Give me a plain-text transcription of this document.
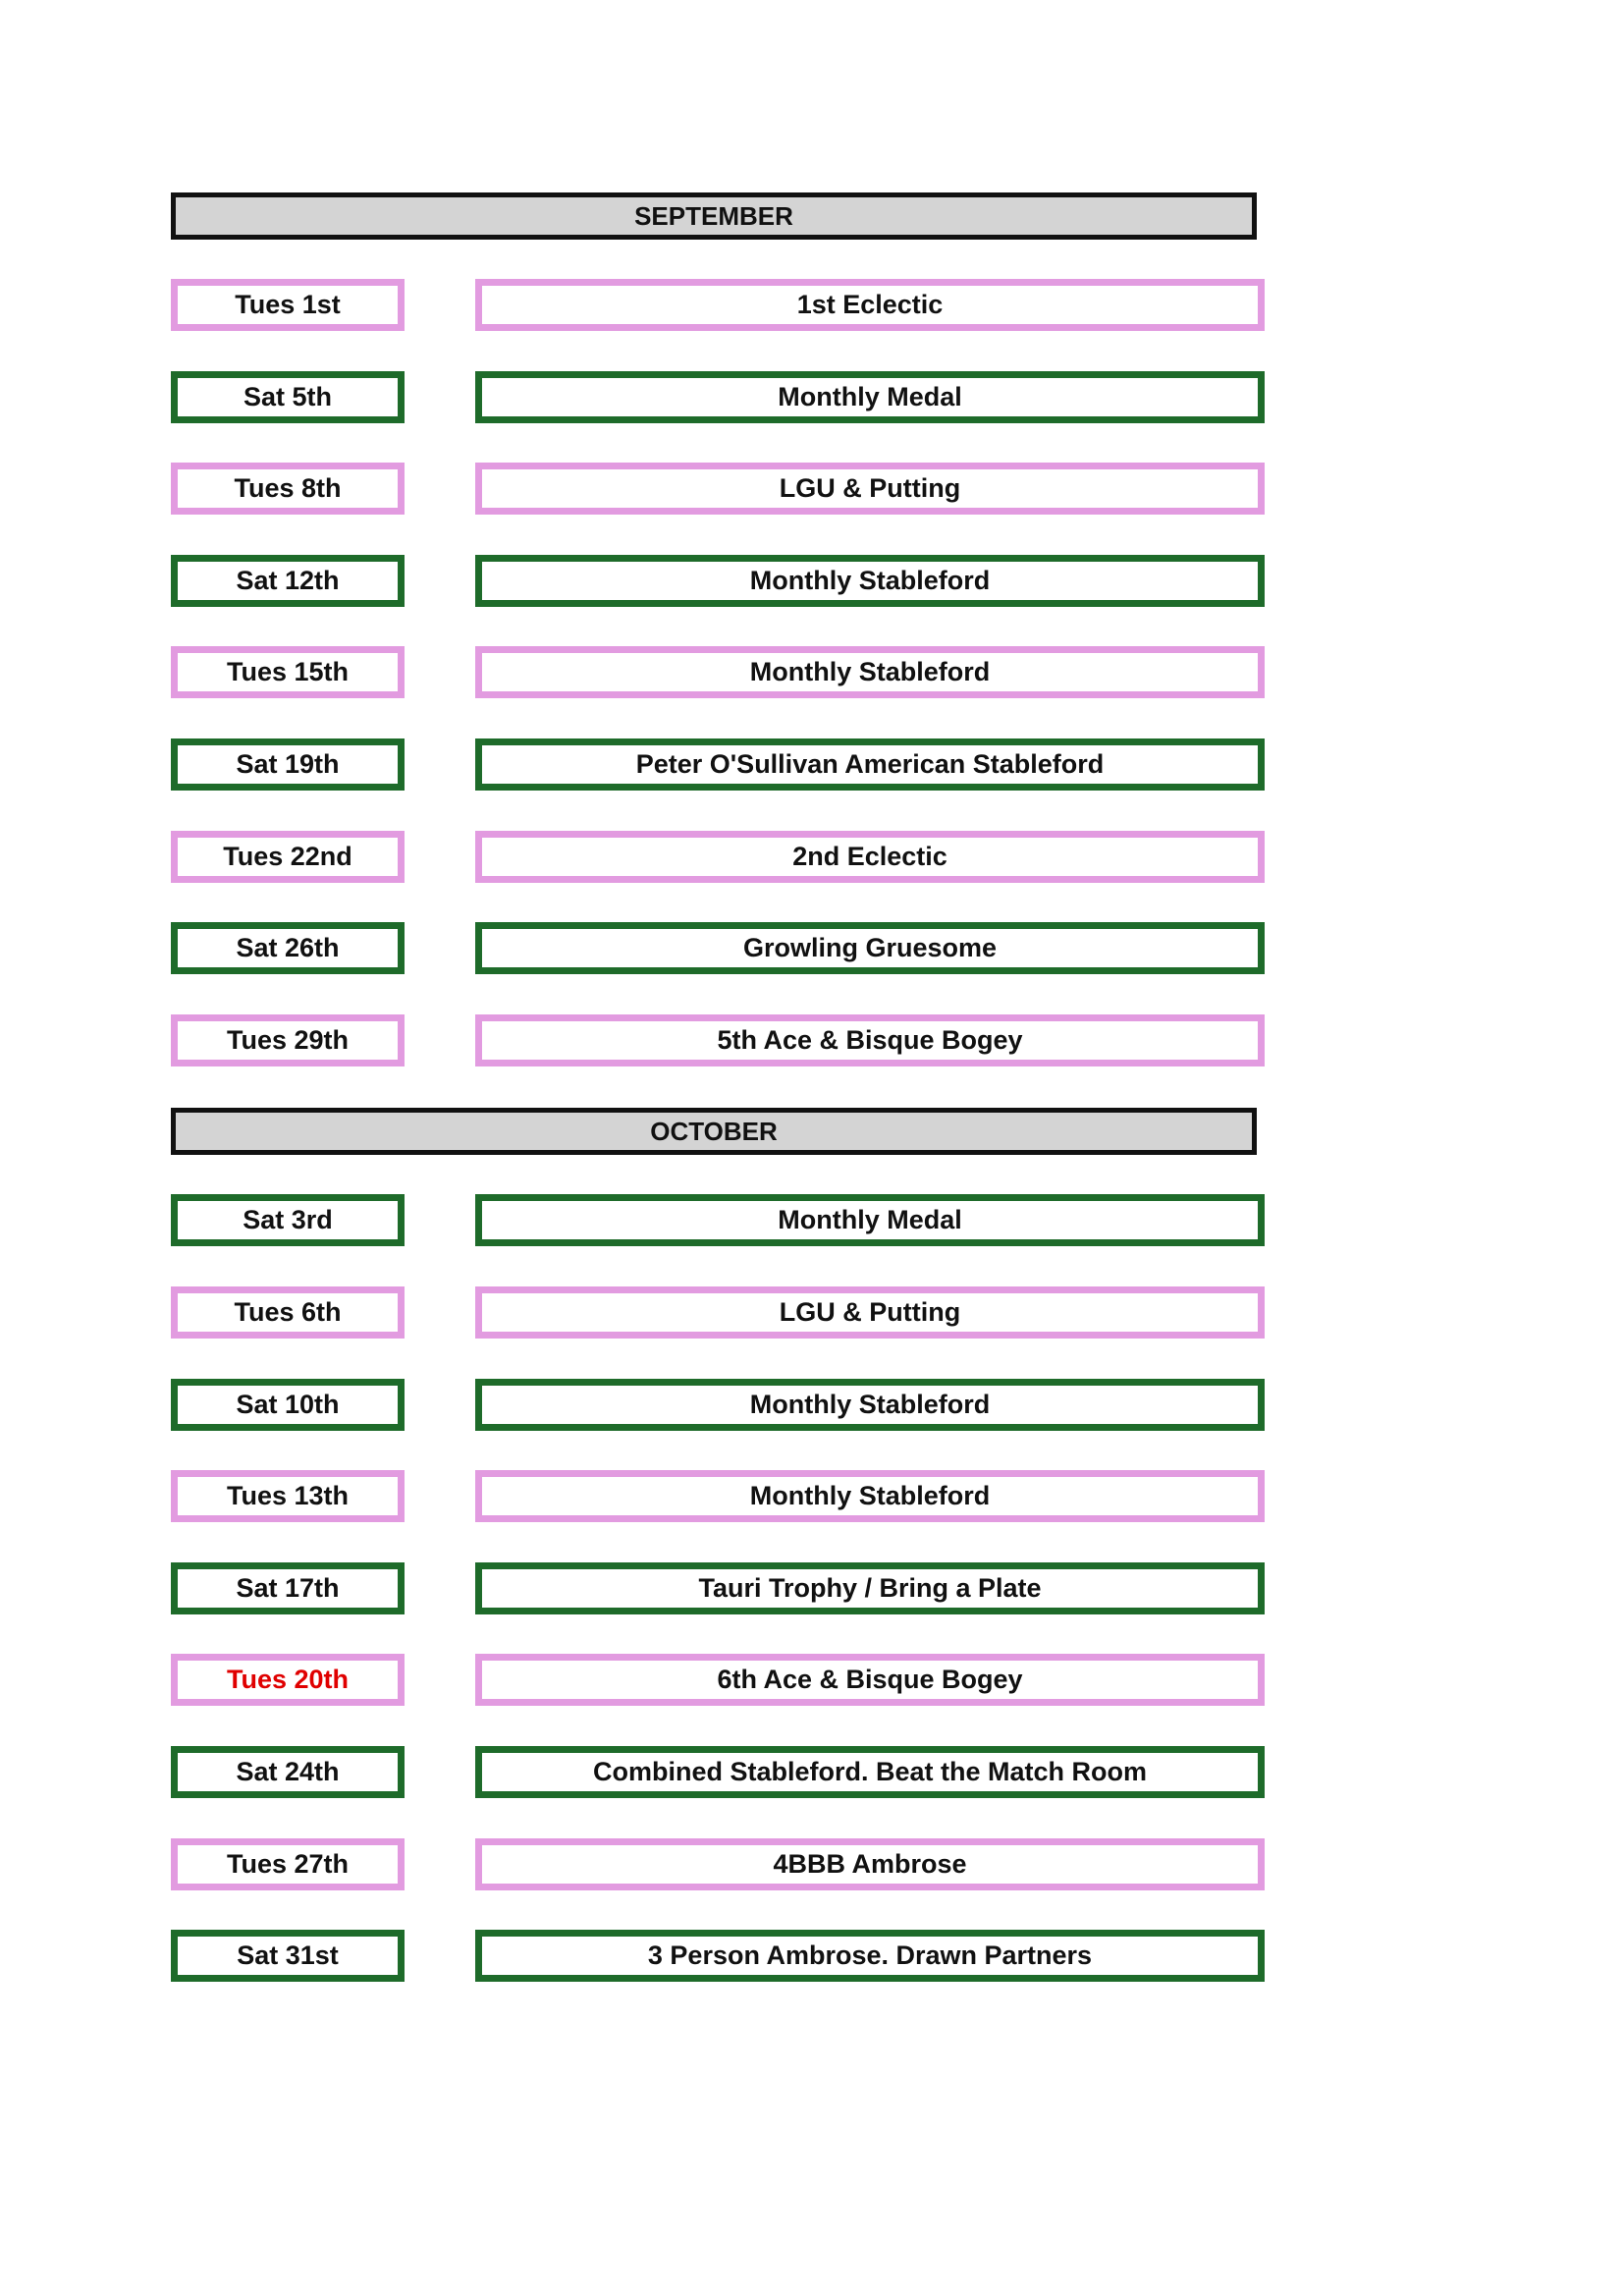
SEPTEMBER
Tues 1st	1st Eclectic
Sat 5th	Monthly Medal
Tues 8th	LGU & Putting
Sat 12th	Monthly Stableford
Tues 15th	Monthly Stableford
Sat 19th	Peter O'Sullivan American Stableford
Tues 22nd	2nd Eclectic
Sat 26th	Growling Gruesome
Tues 29th	5th Ace & Bisque Bogey
OCTOBER
Sat 3rd	Monthly Medal
Tues 6th	LGU & Putting
Sat 10th	Monthly Stableford
Tues 13th	Monthly Stableford
Sat 17th	Tauri Trophy / Bring a Plate
Tues 20th	6th Ace & Bisque Bogey
Sat 24th	Combined Stableford. Beat the Match Room
Tues 27th	4BBB Ambrose
Sat 31st	3 Person Ambrose. Drawn Partners
